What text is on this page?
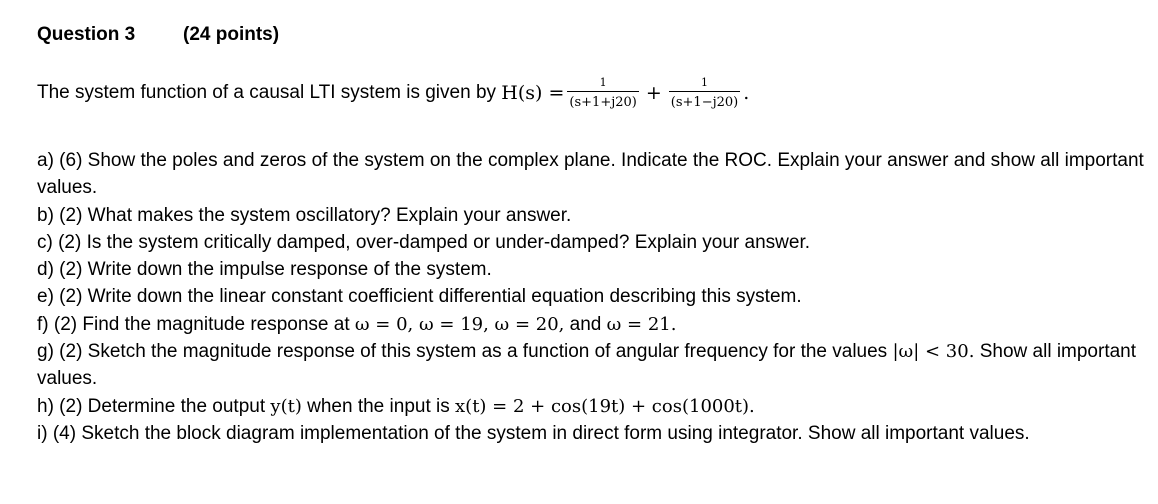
Question 3	(24 points)
The system function of a causal LTI system is given by
$H(s) = \frac{1}{(s+1+j20)} + \frac{1}{(s+1-j20)}$ .
a) (6) Show the poles and zeros of the system on the complex plane. Indicate the ROC. Explain your answer and show all important values.
b) (2) What makes the system oscillatory? Explain your answer.
c) (2) Is the system critically damped, over-damped or under-damped? Explain your answer.
d) (2) Write down the impulse response of the system.
e) (2) Write down the linear constant coefficient differential equation describing this system.
f) (2) Find the magnitude response at ω = 0, ω = 19, ω = 20, and ω = 21.
g) (2) Sketch the magnitude response of this system as a function of angular frequency for the values |ω| < 30. Show all important values.
h) (2) Determine the output y(t) when the input is x(t) = 2 + cos(19t) + cos(1000t).
i) (4) Sketch the block diagram implementation of the system in direct form using integrator. Show all important values.
